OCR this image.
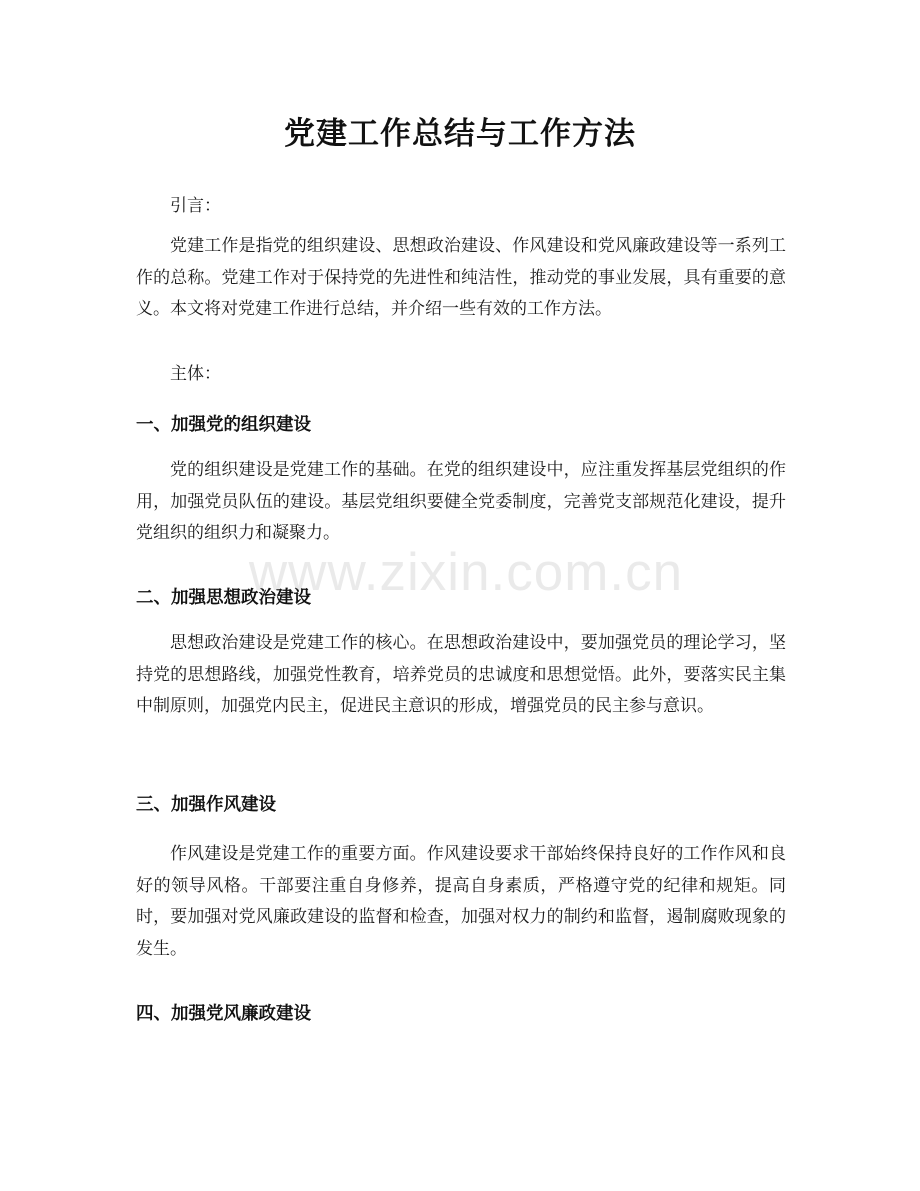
党建工作总结与工作方法
引言：
党建工作是指党的组织建设、思想政治建设、作风建设和党风廉政建设等一系列工作的总称。党建工作对于保持党的先进性和纯洁性，推动党的事业发展，具有重要的意义。本文将对党建工作进行总结，并介绍一些有效的工作方法。
主体：
一、加强党的组织建设
党的组织建设是党建工作的基础。在党的组织建设中，应注重发挥基层党组织的作用，加强党员队伍的建设。基层党组织要健全党委制度，完善党支部规范化建设，提升党组织的组织力和凝聚力。
二、加强思想政治建设
思想政治建设是党建工作的核心。在思想政治建设中，要加强党员的理论学习，坚持党的思想路线，加强党性教育，培养党员的忠诚度和思想觉悟。此外，要落实民主集中制原则，加强党内民主，促进民主意识的形成，增强党员的民主参与意识。
三、加强作风建设
作风建设是党建工作的重要方面。作风建设要求干部始终保持良好的工作作风和良好的领导风格。干部要注重自身修养，提高自身素质，严格遵守党的纪律和规矩。同时，要加强对党风廉政建设的监督和检查，加强对权力的制约和监督，遏制腐败现象的发生。
四、加强党风廉政建设
www.zixin.com.cn
